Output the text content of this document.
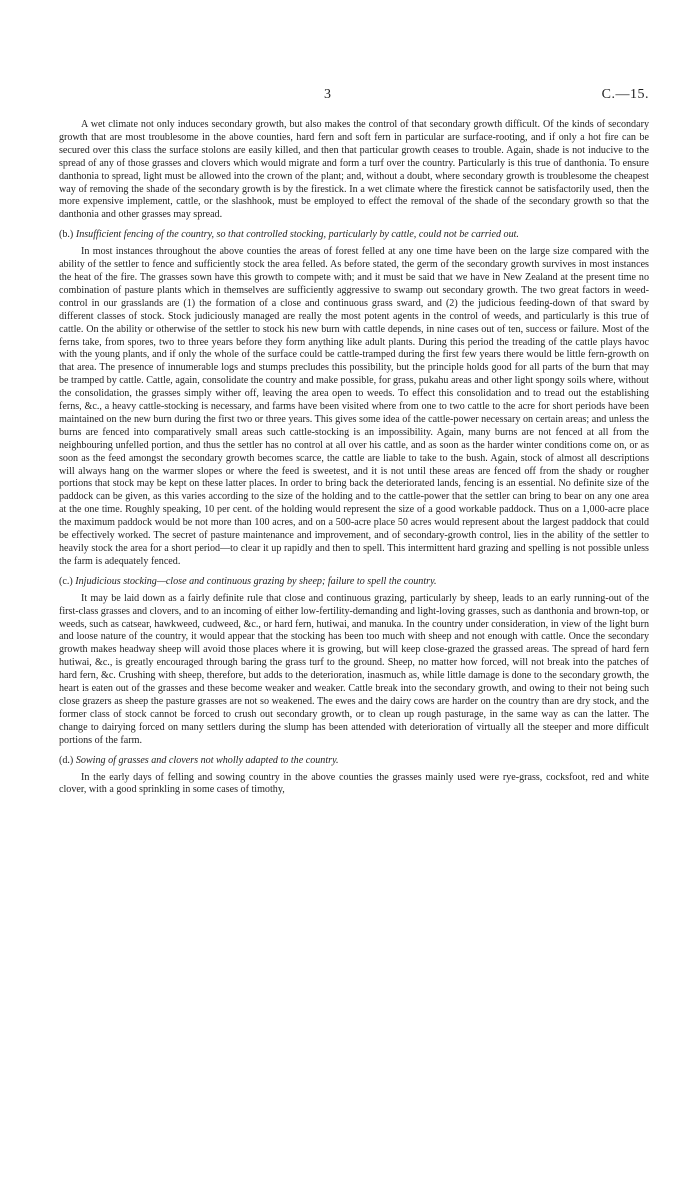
3	C.—15.

A wet climate not only induces secondary growth, but also makes the control of that secondary growth difficult. Of the kinds of secondary growth that are most troublesome in the above counties, hard fern and soft fern in particular are surface-rooting, and if only a hot fire can be secured over this class the surface stolons are easily killed, and then that particular growth ceases to trouble. Again, shade is not inducive to the spread of any of those grasses and clovers which would migrate and form a turf over the country. Particularly is this true of danthonia. To ensure danthonia to spread, light must be allowed into the crown of the plant; and, without a doubt, where secondary growth is troublesome the cheapest way of removing the shade of the secondary growth is by the firestick. In a wet climate where the firestick cannot be satisfactorily used, then the more expensive implement, cattle, or the slashhook, must be employed to effect the removal of the shade of the secondary growth so that the danthonia and other grasses may spread.

(b.) Insufficient fencing of the country, so that controlled stocking, particularly by cattle, could not be carried out.

In most instances throughout the above counties the areas of forest felled at any one time have been on the large size compared with the ability of the settler to fence and sufficiently stock the area felled. As before stated, the germ of the secondary growth survives in most instances the heat of the fire. The grasses sown have this growth to compete with; and it must be said that we have in New Zealand at the present time no combination of pasture plants which in themselves are sufficiently aggressive to swamp out secondary growth. The two great factors in weed-control in our grasslands are (1) the formation of a close and continuous grass sward, and (2) the judicious feeding-down of that sward by different classes of stock. Stock judiciously managed are really the most potent agents in the control of weeds, and particularly is this true of cattle. On the ability or otherwise of the settler to stock his new burn with cattle depends, in nine cases out of ten, success or failure. Most of the ferns take, from spores, two to three years before they form anything like adult plants. During this period the treading of the cattle plays havoc with the young plants, and if only the whole of the surface could be cattle-tramped during the first few years there would be little fern-growth on that area. The presence of innumerable logs and stumps precludes this possibility, but the principle holds good for all parts of the burn that may be tramped by cattle. Cattle, again, consolidate the country and make possible, for grass, pukahu areas and other light spongy soils where, without the consolidation, the grasses simply wither off, leaving the area open to weeds. To effect this consolidation and to tread out the establishing ferns, &c., a heavy cattle-stocking is necessary, and farms have been visited where from one to two cattle to the acre for short periods have been maintained on the new burn during the first two or three years. This gives some idea of the cattle-power necessary on certain areas; and unless the burns are fenced into comparatively small areas such cattle-stocking is an impossibility. Again, many burns are not fenced at all from the neighbouring unfelled portion, and thus the settler has no control at all over his cattle, and as soon as the harder winter conditions come on, or as soon as the feed amongst the secondary growth becomes scarce, the cattle are liable to take to the bush. Again, stock of almost all descriptions will always hang on the warmer slopes or where the feed is sweetest, and it is not until these areas are fenced off from the shady or rougher portions that stock may be kept on these latter places. In order to bring back the deteriorated lands, fencing is an essential. No definite size of the paddock can be given, as this varies according to the size of the holding and to the cattle-power that the settler can bring to bear on any one area at the one time. Roughly speaking, 10 per cent. of the holding would represent the size of a good workable paddock. Thus on a 1,000-acre place the maximum paddock would be not more than 100 acres, and on a 500-acre place 50 acres would represent about the largest paddock that could be effectively worked. The secret of pasture maintenance and improvement, and of secondary-growth control, lies in the ability of the settler to heavily stock the area for a short period—to clear it up rapidly and then to spell. This intermittent hard grazing and spelling is not possible unless the farm is adequately fenced.

(c.) Injudicious stocking—close and continuous grazing by sheep; failure to spell the country.

It may be laid down as a fairly definite rule that close and continuous grazing, particularly by sheep, leads to an early running-out of the first-class grasses and clovers, and to an incoming of either low-fertility-demanding and light-loving grasses, such as danthonia and brown-top, or weeds, such as catsear, hawkweed, cudweed, &c., or hard fern, hutiwai, and manuka. In the country under consideration, in view of the light burn and loose nature of the country, it would appear that the stocking has been too much with sheep and not enough with cattle. Once the secondary growth makes headway sheep will avoid those places where it is growing, but will keep close-grazed the grassed areas. The spread of hard fern hutiwai, &c., is greatly encouraged through baring the grass turf to the ground. Sheep, no matter how forced, will not break into the patches of hard fern, &c. Crushing with sheep, therefore, but adds to the deterioration, inasmuch as, while little damage is done to the secondary growth, the heart is eaten out of the grasses and these become weaker and weaker. Cattle break into the secondary growth, and owing to their not being such close grazers as sheep the pasture grasses are not so weakened. The ewes and the dairy cows are harder on the country than are dry stock, and the former class of stock cannot be forced to crush out secondary growth, or to clean up rough pasturage, in the same way as can the latter. The change to dairying forced on many settlers during the slump has been attended with deterioration of virtually all the steeper and more difficult portions of the farm.

(d.) Sowing of grasses and clovers not wholly adapted to the country.

In the early days of felling and sowing country in the above counties the grasses mainly used were rye-grass, cocksfoot, red and white clover, with a good sprinkling in some cases of timothy,
